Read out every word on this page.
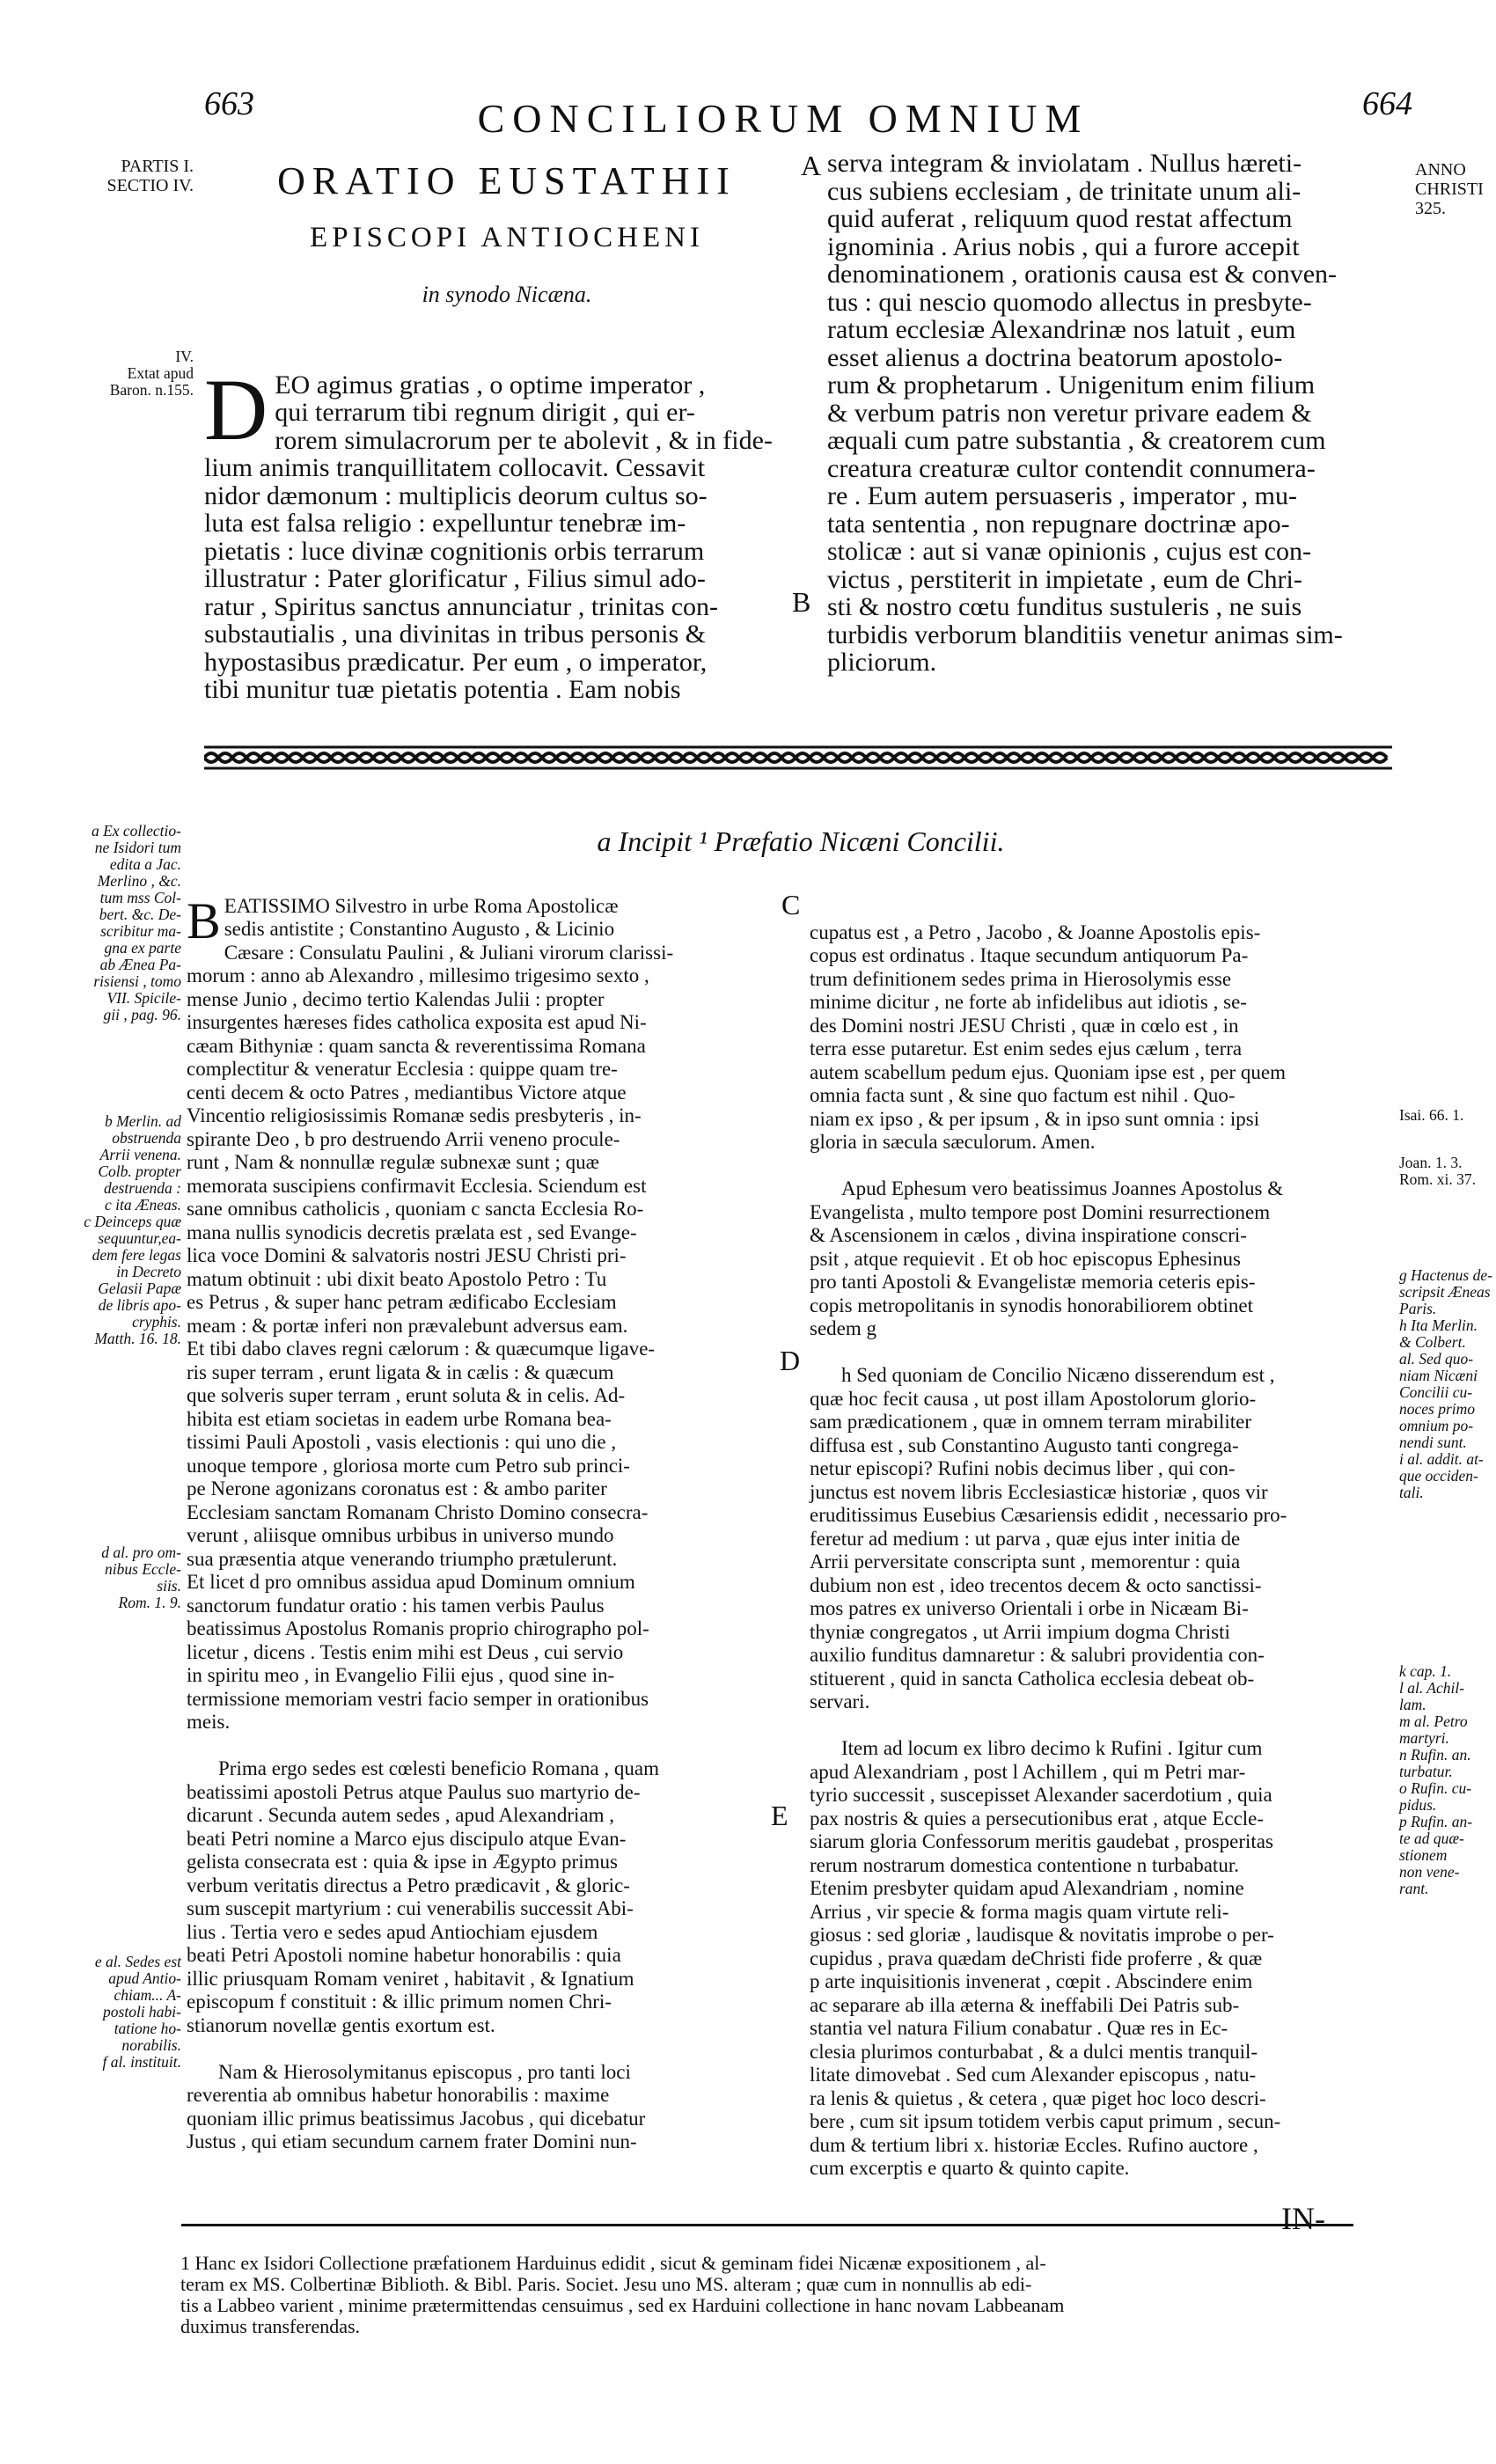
663	CONCILIORUM OMNIUM	664
PARTIS I.
SECTIO IV.
IV.
Extat apud
Baron. n.155.
ANNO
CHRISTI
325.
ORATIO EUSTATHII
EPISCOPI ANTIOCHENI
in synodo Nicæna.

DEO agimus gratias , o optime imperator ,
qui terrarum tibi regnum dirigit , qui er-
rorem simulacrorum per te abolevit , & in fide-
lium animis tranquillitatem collocavit. Cessavit
nidor dæmonum : multiplicis deorum cultus so-
luta est falsa religio : expelluntur tenebræ im-
pietatis : luce divinæ cognitionis orbis terrarum
illustratur : Pater glorificatur , Filius simul ado-
ratur , Spiritus sanctus annunciatur , trinitas con-
substautialis , una divinitas in tribus personis &
hypostasibus prædicatur. Per eum , o imperator,
tibi munitur tuæ pietatis potentia . Eam nobis

A
B
serva integram & inviolatam . Nullus hæreti-
cus subiens ecclesiam , de trinitate unum ali-
quid auferat , reliquum quod restat affectum
ignominia . Arius nobis , qui a furore accepit
denominationem , orationis causa est & conven-
tus : qui nescio quomodo allectus in presbyte-
ratum ecclesiæ Alexandrinæ nos latuit , eum
esset alienus a doctrina beatorum apostolo-
rum & prophetarum . Unigenitum enim filium
& verbum patris non veretur privare eadem &
æquali cum patre substantia , & creatorem cum
creatura creaturæ cultor contendit connumera-
re . Eum autem persuaseris , imperator , mu-
tata sententia , non repugnare doctrinæ apo-
stolicæ : aut si vanæ opinionis , cujus est con-
victus , perstiterit in impietate , eum de Chri-
sti & nostro cœtu funditus sustuleris , ne suis
turbidis verborum blanditiis venetur animas sim-
pliciorum.
a Incipit ¹ Præfatio Nicæni Concilii.
a Ex collectio-
ne Isidori tum
edita a Jac.
Merlino , &c.
tum mss Col-
bert. &c. De-
scribitur ma-
gna ex parte
ab Ænea Pa-
risiensi , tomo
VII. Spicile-
gii , pag. 96.
b Merlin. ad
obstruenda
Arrii venena.
Colb. propter
destruenda :
c ita Æneas.
c Deinceps quæ
sequuntur,ea-
dem fere legas
in Decreto
Gelasii Papæ
de libris apo-
cryphis.
Matth. 16. 18.
d al. pro om-
nibus Eccle-
siis.
Rom. 1. 9.
e al. Sedes est
apud Antio-
chiam... A-
postoli habi-
tatione ho-
norabilis.
f al. instituit.

BEATISSIMO Silvestro in urbe Roma Apostolicæ
sedis antistite ; Constantino Augusto , & Licinio
Cæsare : Consulatu Paulini , & Juliani virorum clarissi-
morum : anno ab Alexandro , millesimo trigesimo sexto ,
mense Junio , decimo tertio Kalendas Julii : propter
insurgentes hæreses fides catholica exposita est apud Ni-
cæam Bithyniæ : quam sancta & reverentissima Romana
complectitur & veneratur Ecclesia : quippe quam tre-
centi decem & octo Patres , mediantibus Victore atque
Vincentio religiosissimis Romanæ sedis presbyteris , in-
spirante Deo , b pro destruendo Arrii veneno procule-
runt , Nam & nonnullæ regulæ subnexæ sunt ; quæ
memorata suscipiens confirmavit Ecclesia. Sciendum est
sane omnibus catholicis , quoniam c sancta Ecclesia Ro-
mana nullis synodicis decretis prælata est , sed Evange-
lica voce Domini & salvatoris nostri JESU Christi pri-
matum obtinuit : ubi dixit beato Apostolo Petro : Tu
es Petrus , & super hanc petram ædificabo Ecclesiam
meam : & portæ inferi non prævalebunt adversus eam.
Et tibi dabo claves regni cælorum : & quæcumque ligave-
ris super terram , erunt ligata & in cælis : & quæcum
que solveris super terram , erunt soluta & in celis. Ad-
hibita est etiam societas in eadem urbe Romana bea-
tissimi Pauli Apostoli , vasis electionis : qui uno die ,
unoque tempore , gloriosa morte cum Petro sub princi-
pe Nerone agonizans coronatus est : & ambo pariter
Ecclesiam sanctam Romanam Christo Domino consecra-
verunt , aliisque omnibus urbibus in universo mundo
sua præsentia atque venerando triumpho prætulerunt.
Et licet d pro omnibus assidua apud Dominum omnium
sanctorum fundatur oratio : his tamen verbis Paulus
beatissimus Apostolus Romanis proprio chirographo pol-
licetur , dicens . Testis enim mihi est Deus , cui servio
in spiritu meo , in Evangelio Filii ejus , quod sine in-
termissione memoriam vestri facio semper in orationibus
meis.

Prima ergo sedes est cœlesti beneficio Romana , quam
beatissimi apostoli Petrus atque Paulus suo martyrio de-
dicarunt . Secunda autem sedes , apud Alexandriam ,
beati Petri nomine a Marco ejus discipulo atque Evan-
gelista consecrata est : quia & ipse in Ægypto primus
verbum veritatis directus a Petro prædicavit , & gloric-
sum suscepit martyrium : cui venerabilis successit Abi-
lius . Tertia vero e sedes apud Antiochiam ejusdem
beati Petri Apostoli nomine habetur honorabilis : quia
illic priusquam Romam veniret , habitavit , & Ignatium
episcopum f constituit : & illic primum nomen Chri-
stianorum novellæ gentis exortum est.

Nam & Hierosolymitanus episcopus , pro tanti loci
reverentia ab omnibus habetur honorabilis : maxime
quoniam illic primus beatissimus Jacobus , qui dicebatur
Justus , qui etiam secundum carnem frater Domini nun-

C
D
E

cupatus est , a Petro , Jacobo , & Joanne Apostolis epis-
copus est ordinatus . Itaque secundum antiquorum Pa-
trum definitionem sedes prima in Hierosolymis esse
minime dicitur , ne forte ab infidelibus aut idiotis , se-
des Domini nostri JESU Christi , quæ in cœlo est , in
terra esse putaretur. Est enim sedes ejus cælum , terra
autem scabellum pedum ejus. Quoniam ipse est , per quem
omnia facta sunt , & sine quo factum est nihil . Quo-
niam ex ipso , & per ipsum , & in ipso sunt omnia : ipsi
gloria in sæcula sæculorum. Amen.

Apud Ephesum vero beatissimus Joannes Apostolus &
Evangelista , multo tempore post Domini resurrectionem
& Ascensionem in cælos , divina inspiratione conscri-
psit , atque requievit . Et ob hoc episcopus Ephesinus
pro tanti Apostoli & Evangelistæ memoria ceteris epis-
copis metropolitanis in synodis honorabiliorem obtinet
sedem g

h Sed quoniam de Concilio Nicæno disserendum est ,
quæ hoc fecit causa , ut post illam Apostolorum glorio-
sam prædicationem , quæ in omnem terram mirabiliter
diffusa est , sub Constantino Augusto tanti congrega-
netur episcopi? Rufini nobis decimus liber , qui con-
junctus est novem libris Ecclesiasticæ historiæ , quos vir
eruditissimus Eusebius Cæsariensis edidit , necessario pro-
feretur ad medium : ut parva , quæ ejus inter initia de
Arrii perversitate conscripta sunt , memorentur : quia
dubium non est , ideo trecentos decem & octo sanctissi-
mos patres ex universo Orientali i orbe in Nicæam Bi-
thyniæ congregatos , ut Arrii impium dogma Christi
auxilio funditus damnaretur : & salubri providentia con-
stituerent , quid in sancta Catholica ecclesia debeat ob-
servari.

Item ad locum ex libro decimo k Rufini . Igitur cum
apud Alexandriam , post l Achillem , qui m Petri mar-
tyrio successit , suscepisset Alexander sacerdotium , quia
pax nostris & quies a persecutionibus erat , atque Eccle-
siarum gloria Confessorum meritis gaudebat , prosperitas
rerum nostrarum domestica contentione n turbabatur.
Etenim presbyter quidam apud Alexandriam , nomine
Arrius , vir specie & forma magis quam virtute reli-
giosus : sed gloriæ , laudisque & novitatis improbe o per-
cupidus , prava quædam deChristi fide proferre , & quæ
p arte inquisitionis invenerat , cœpit . Abscindere enim
ac separare ab illa æterna & ineffabili Dei Patris sub-
stantia vel natura Filium conabatur . Quæ res in Ec-
clesia plurimos conturbabat , & a dulci mentis tranquil-
litate dimovebat . Sed cum Alexander episcopus , natu-
ra lenis & quietus , & cetera , quæ piget hoc loco descri-
bere , cum sit ipsum totidem verbis caput primum , secun-
dum & tertium libri x. historiæ Eccles. Rufino auctore ,
cum excerptis e quarto & quinto capite.

Isai. 66. 1.
Joan. 1. 3.
Rom. xi. 37.
g Hactenus de-
scripsit Æneas
Paris.
h Ita Merlin.
& Colbert.
al. Sed quo-
niam Nicæni
Concilii cu-
noces primo
omnium po-
nendi sunt.
i al. addit. at-
que occiden-
tali.
k cap. 1.
l al. Achil-
lam.
m al. Petro
martyri.
n Rufin. an.
turbatur.
o Rufin. cu-
pidus.
p Rufin. an-
te ad quæ-
stionem
non vene-
rant.
IN-
1 Hanc ex Isidori Collectione præfationem Harduinus edidit , sicut & geminam fidei Nicænæ expositionem , al-
teram ex MS. Colbertinæ Biblioth. & Bibl. Paris. Societ. Jesu uno MS. alteram ; quæ cum in nonnullis ab edi-
tis a Labbeo varient , minime prætermittendas censuimus , sed ex Harduini collectione in hanc novam Labbeanam
duximus transferendas.
